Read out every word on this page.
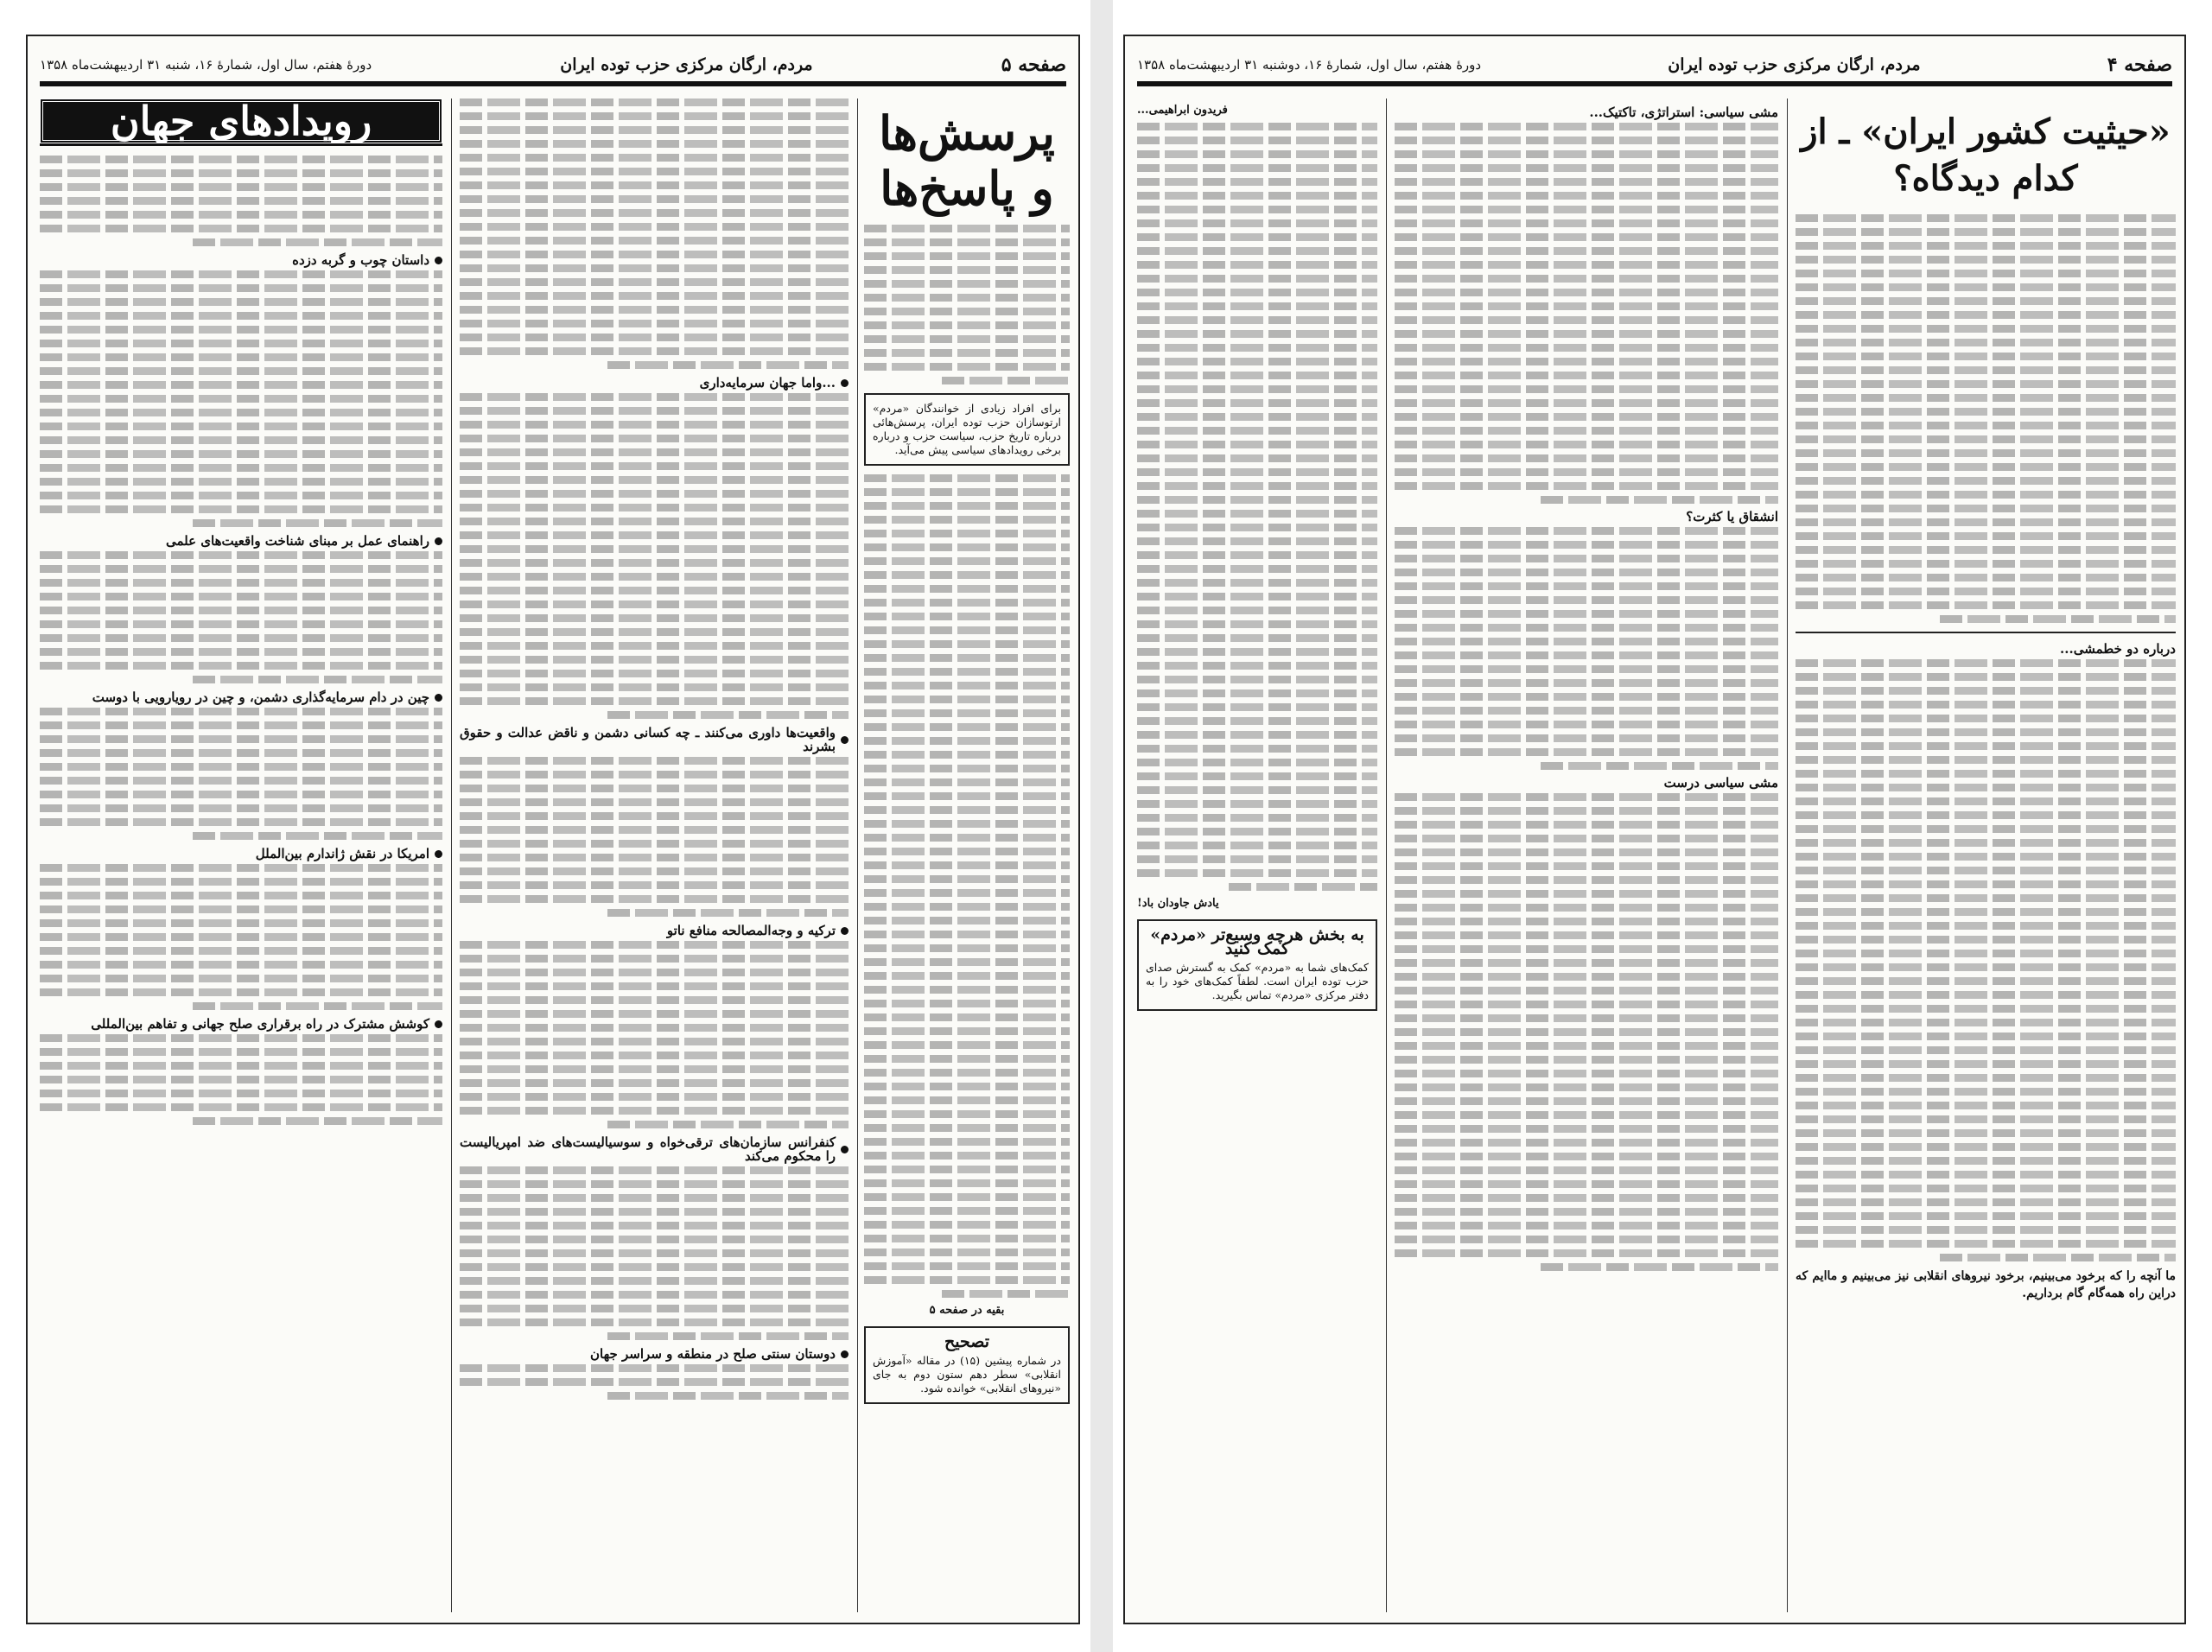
صفحه ۵
مردم، ارگان مرکزی حزب توده ایران
دورهٔ هفتم، سال اول، شمارهٔ ۱۶، شنبه ۳۱ اردیبهشت‌ماه ۱۳۵۸
پرسش‌ها و پاسخ‌ها
برای افراد زیادی از خوانندگان «مردم» ارتوسازان حزب توده ایران، پرسش‌هائی درباره تاریخ حزب، سیاست حزب و درباره برخی رویدادهای سیاسی پیش می‌آید.
بقیه در صفحه ۵
تصحیح
در شماره پیشین (۱۵) در مقاله «آموزش انقلابی» سطر دهم ستون دوم به جای «نیروهای انقلابی» خوانده شود.
...واما جهان سرمایه‌داری
واقعیت‌ها داوری می‌کنند ـ چه کسانی دشمن و ناقض عدالت و حقوق بشرند
ترکیه و وجه‌المصالحه منافع ناتو
کنفرانس سازمان‌های ترقی‌خواه و سوسیالیست‌های ضد امپریالیست را محکوم می‌کند
دوستان سنتی صلح در منطقه و سراسر جهان
رویدادهای جهان
داستان چوب و گربه دزده
راهنمای عمل بر مبنای شناخت واقعیت‌های علمی
چین در دام سرمایه‌گذاری دشمن، و چین در رویارویی با دوست
امریکا در نقش ژاندارم بین‌الملل
کوشش مشترک در راه برقراری صلح جهانی و تفاهم بین‌المللی
صفحه ۴
مردم، ارگان مرکزی حزب توده ایران
دورهٔ هفتم، سال اول، شمارهٔ ۱۶، دوشنبه ۳۱ اردیبهشت‌ماه ۱۳۵۸
«حیثیت کشور ایران» ـ از کدام دیدگاه؟
درباره دو خطمشی...
ما آنچه را که برخود می‌بینیم، برخود نیروهای انقلابی نیز می‌بینیم و ماایم که دراین راه همه‌گام گام برداریم.
مشی سیاسی: استراتژی، تاکتیک...
انشقاق یا کثرت؟
مشی سیاسی درست
فریدون ابراهیمی...
یادش جاودان باد!
به بخش هرچه وسیع‌تر «مردم» کمک کنید
کمک‌های شما به «مردم» کمک به گسترش صدای حزب توده ایران است. لطفاً کمک‌های خود را به دفتر مرکزی «مردم» تماس بگیرید.
